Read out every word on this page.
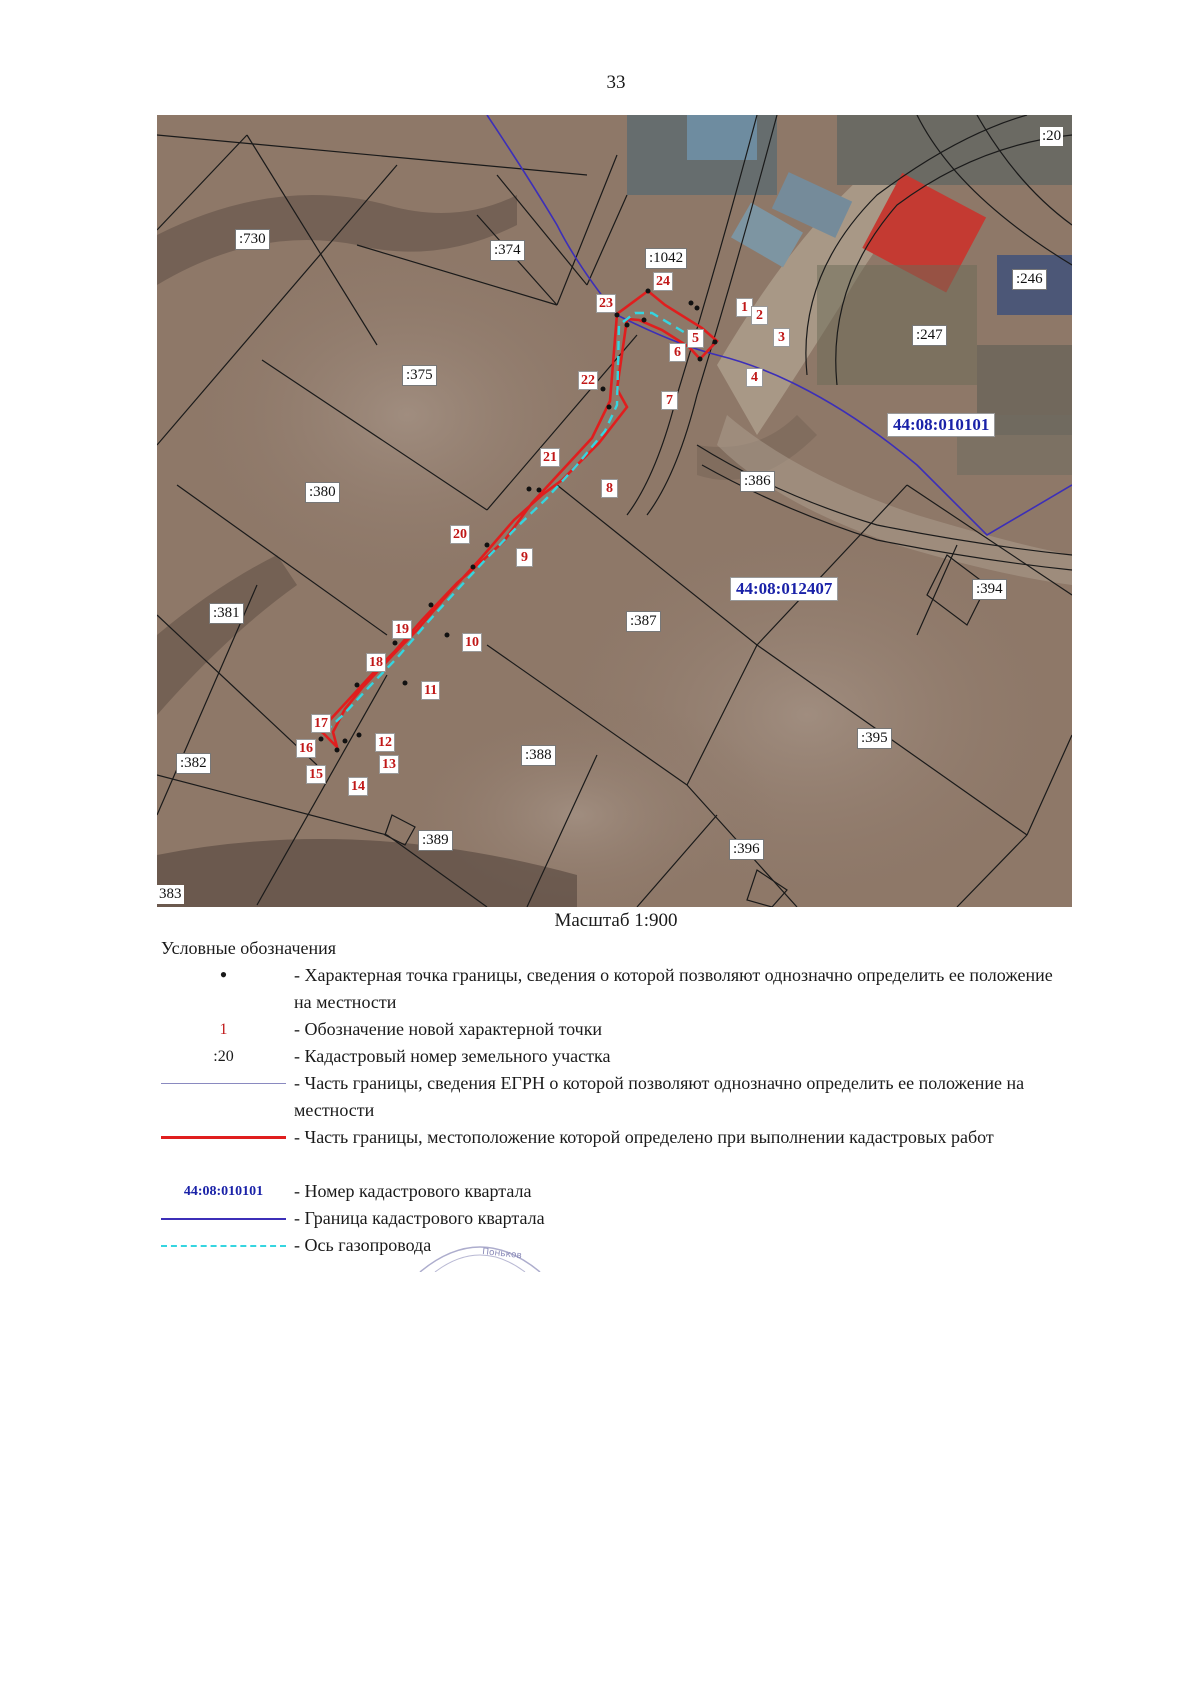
33
:20
:730
:374	:1042
:246
:247
:375
:380
:386
:394
:381	:387
:395
:382	:388
:389
:396
383
44:08:010101
44:08:012407
1
2
3
4
5
6
7
8
9
10
11
12
13
14
15
16
17
18
19
20
21
22
23
24
Масштаб 1:900
Условные обозначения
•	- Характерная точка границы, сведения о которой позволяют однозначно определить ее положение на местности
1	- Обозначение новой характерной точки
:20	- Кадастровый номер земельного участка
- Часть границы, сведения ЕГРН о которой позволяют однозначно определить ее положение на местности
- Часть границы, местоположение которой определено при выполнении кадастровых работ
44:08:010101	- Номер кадастрового квартала
- Граница кадастрового квартала
- Ось газопровода	Поньков
